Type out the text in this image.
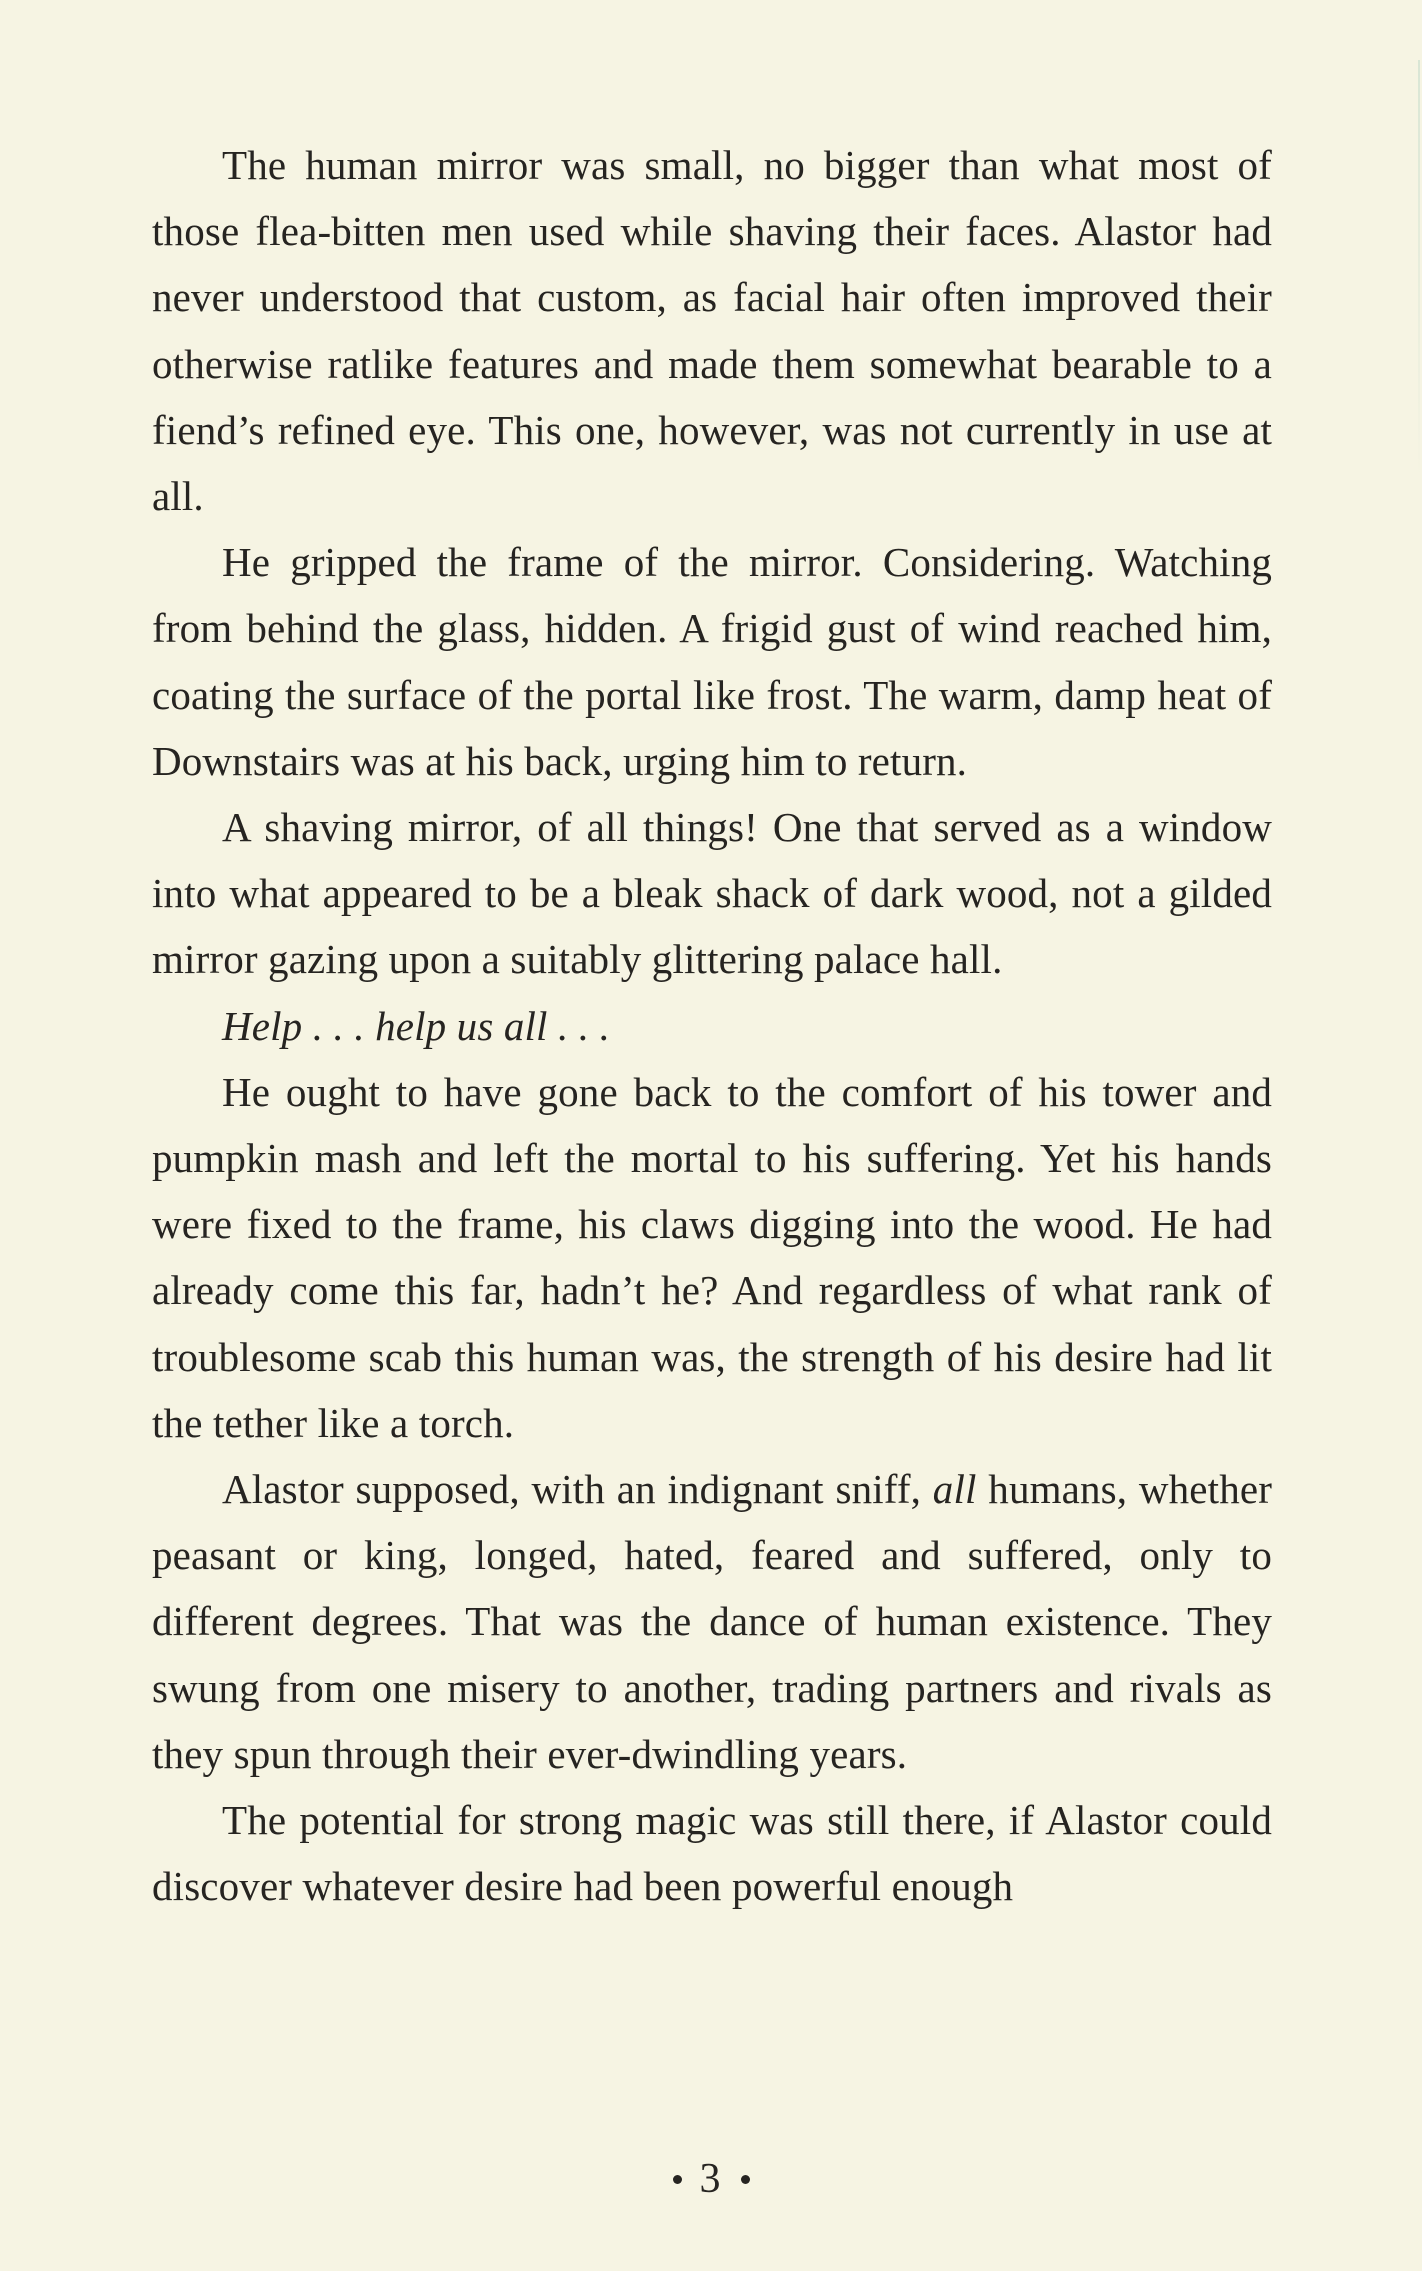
The human mirror was small, no bigger than what most of those flea-bitten men used while shaving their faces. Alastor had never understood that custom, as facial hair often improved their otherwise ratlike features and made them somewhat bearable to a fiend’s refined eye. This one, however, was not currently in use at all.

He gripped the frame of the mirror. Considering. Watching from behind the glass, hidden. A frigid gust of wind reached him, coating the surface of the portal like frost. The warm, damp heat of Downstairs was at his back, urging him to return.

A shaving mirror, of all things! One that served as a window into what appeared to be a bleak shack of dark wood, not a gilded mirror gazing upon a suitably glittering palace hall.

Help . . . help us all . . .

He ought to have gone back to the comfort of his tower and pumpkin mash and left the mortal to his suffering. Yet his hands were fixed to the frame, his claws digging into the wood. He had already come this far, hadn’t he? And regardless of what rank of troublesome scab this human was, the strength of his desire had lit the tether like a torch.

Alastor supposed, with an indignant sniff, all humans, whether peasant or king, longed, hated, feared and suffered, only to different degrees. That was the dance of human existence. They swung from one misery to another, trading partners and rivals as they spun through their ever-dwindling years.

The potential for strong magic was still there, if Alastor could discover whatever desire had been powerful enough

3
